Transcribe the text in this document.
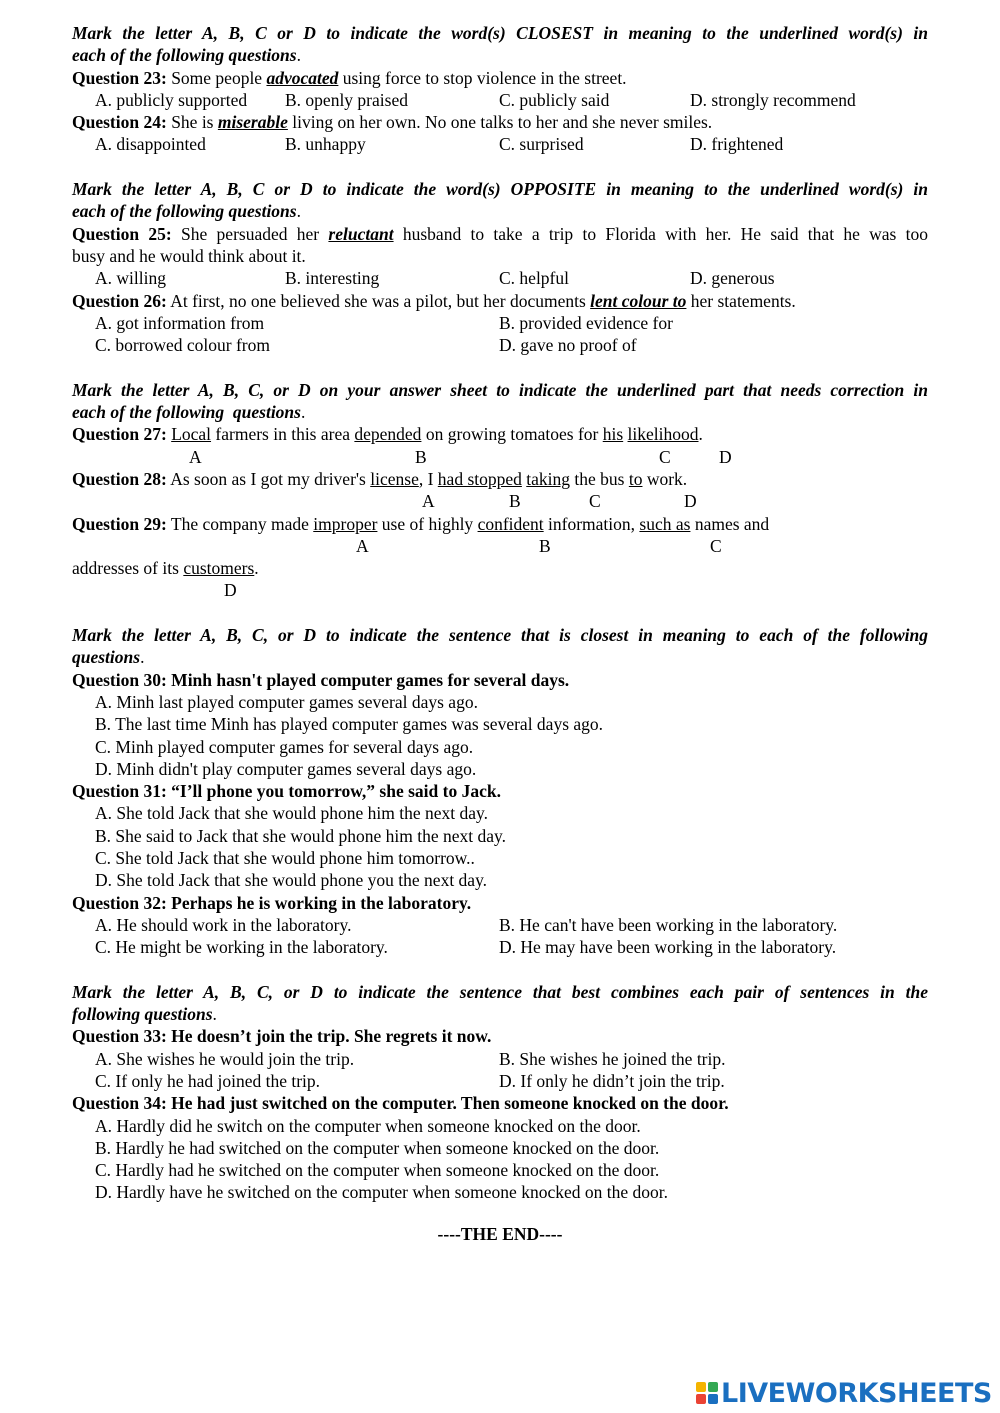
Mark the letter A, B, C or D to indicate the word(s) CLOSEST in meaning to the underlined word(s) in
each of the following questions.
Question 23: Some people advocated using force to stop violence in the street.
A. publicly supported B. openly praised	C. publicly said	D. strongly recommend
Question 24: She is miserable living on her own. No one talks to her and she never smiles.
A. disappointed	B. unhappy	C. surprised	D. frightened
Mark the letter A, B, C or D to indicate the word(s) OPPOSITE in meaning to the underlined word(s) in
each of the following questions.
Question 25: She persuaded her reluctant husband to take a trip to Florida with her. He said that he was too
busy and he would think about it.
A. willing	B. interesting	C. helpful	D. generous
Question 26: At first, no one believed she was a pilot, but her documents lent colour to her statements.
A. got information from	B. provided evidence for
C. borrowed colour from	D. gave no proof of
Mark the letter A, B, C, or D on your answer sheet to indicate the underlined part that needs correction in
each of the following  questions.
Question 27: Local farmers in this area depended on growing tomatoes for his likelihood.
A	B	C	D
Question 28: As soon as I got my driver's license, I had stopped taking the bus to work.
A	B	C	D
Question 29: The company made improper use of highly confident information, such as names and
A	B	C
addresses of its customers.
D
Mark the letter A, B, C, or D to indicate the sentence that is closest in meaning to each of the following
questions.
Question 30: Minh hasn't played computer games for several days.
A. Minh last played computer games several days ago.
B. The last time Minh has played computer games was several days ago.
C. Minh played computer games for several days ago.
D. Minh didn't play computer games several days ago.
Question 31: “I’ll phone you tomorrow,” she said to Jack.
A. She told Jack that she would phone him the next day.
B. She said to Jack that she would phone him the next day.
C. She told Jack that she would phone him tomorrow..
D. She told Jack that she would phone you the next day.
Question 32: Perhaps he is working in the laboratory.
A. He should work in the laboratory.	B. He can't have been working in the laboratory.
C. He might be working in the laboratory.	D. He may have been working in the laboratory.
Mark the letter A, B, C, or D to indicate the sentence that best combines each pair of sentences in the
following questions.
Question 33: He doesn’t join the trip. She regrets it now.
A. She wishes he would join the trip.	B. She wishes he joined the trip.
C. If only he had joined the trip.	D. If only he didn’t join the trip.
Question 34: He had just switched on the computer. Then someone knocked on the door.
A. Hardly did he switch on the computer when someone knocked on the door.
B. Hardly he had switched on the computer when someone knocked on the door.
C. Hardly had he switched on the computer when someone knocked on the door.
D. Hardly have he switched on the computer when someone knocked on the door.
----THE END----
LIVEWORKSHEETS
